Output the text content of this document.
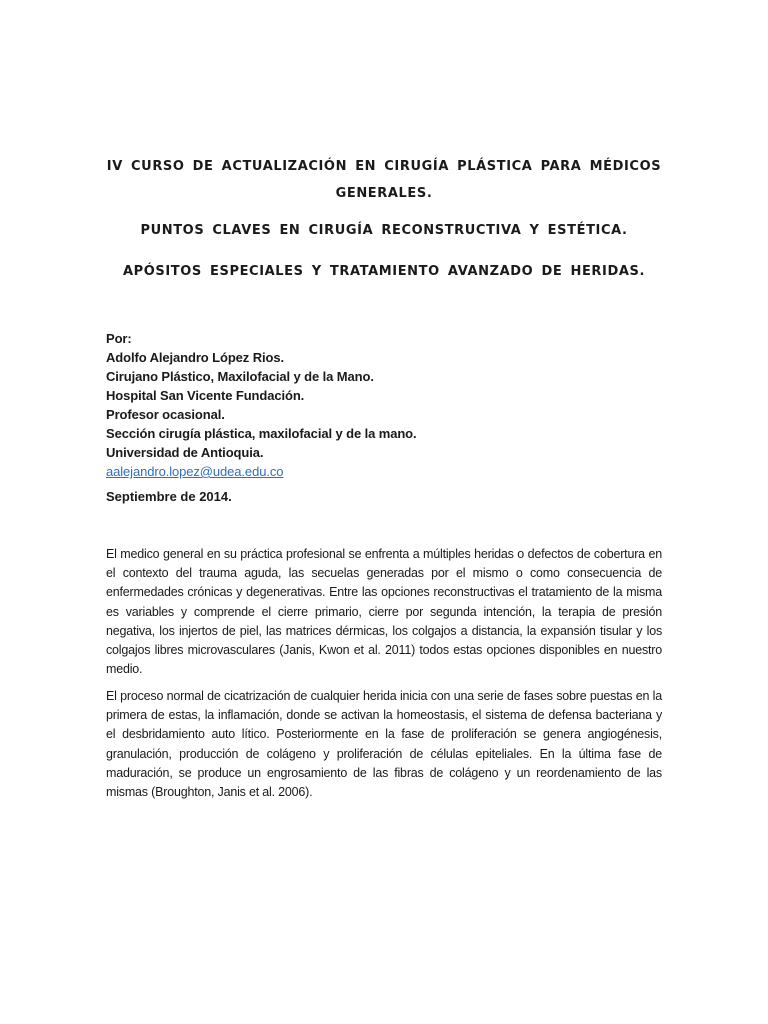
IV CURSO DE ACTUALIZACIÓN EN CIRUGÍA PLÁSTICA PARA MÉDICOS GENERALES.
PUNTOS CLAVES EN CIRUGÍA RECONSTRUCTIVA Y ESTÉTICA.
APÓSITOS ESPECIALES Y TRATAMIENTO AVANZADO DE HERIDAS.
Por:
Adolfo Alejandro López Rios.
Cirujano Plástico, Maxilofacial y de la Mano.
Hospital San Vicente Fundación.
Profesor ocasional.
Sección cirugía plástica, maxilofacial y de la mano.
Universidad de Antioquia.
aalejandro.lopez@udea.edu.co
Septiembre de 2014.

El medico general en su práctica profesional se enfrenta a múltiples heridas o defectos de cobertura en el contexto del trauma aguda, las secuelas generadas por el mismo o como consecuencia de enfermedades crónicas y degenerativas. Entre las opciones reconstructivas el tratamiento de la misma es variables y comprende el cierre primario, cierre por segunda intención, la terapia de presión negativa, los injertos de piel, las matrices dérmicas, los colgajos a distancia, la expansión tisular y los colgajos libres microvasculares (Janis, Kwon et al. 2011) todos estas opciones disponibles en nuestro medio.

El proceso normal de cicatrización de cualquier herida inicia con una serie de fases sobre puestas en la primera de estas, la inflamación, donde se activan la homeostasis, el sistema de defensa bacteriana y el desbridamiento auto lítico. Posteriormente en la fase de proliferación se genera angiogénesis, granulación, producción de colágeno y proliferación de células epiteliales. En la última fase de maduración, se produce un engrosamiento de las fibras de colágeno y un reordenamiento de las mismas (Broughton, Janis et al. 2006).
